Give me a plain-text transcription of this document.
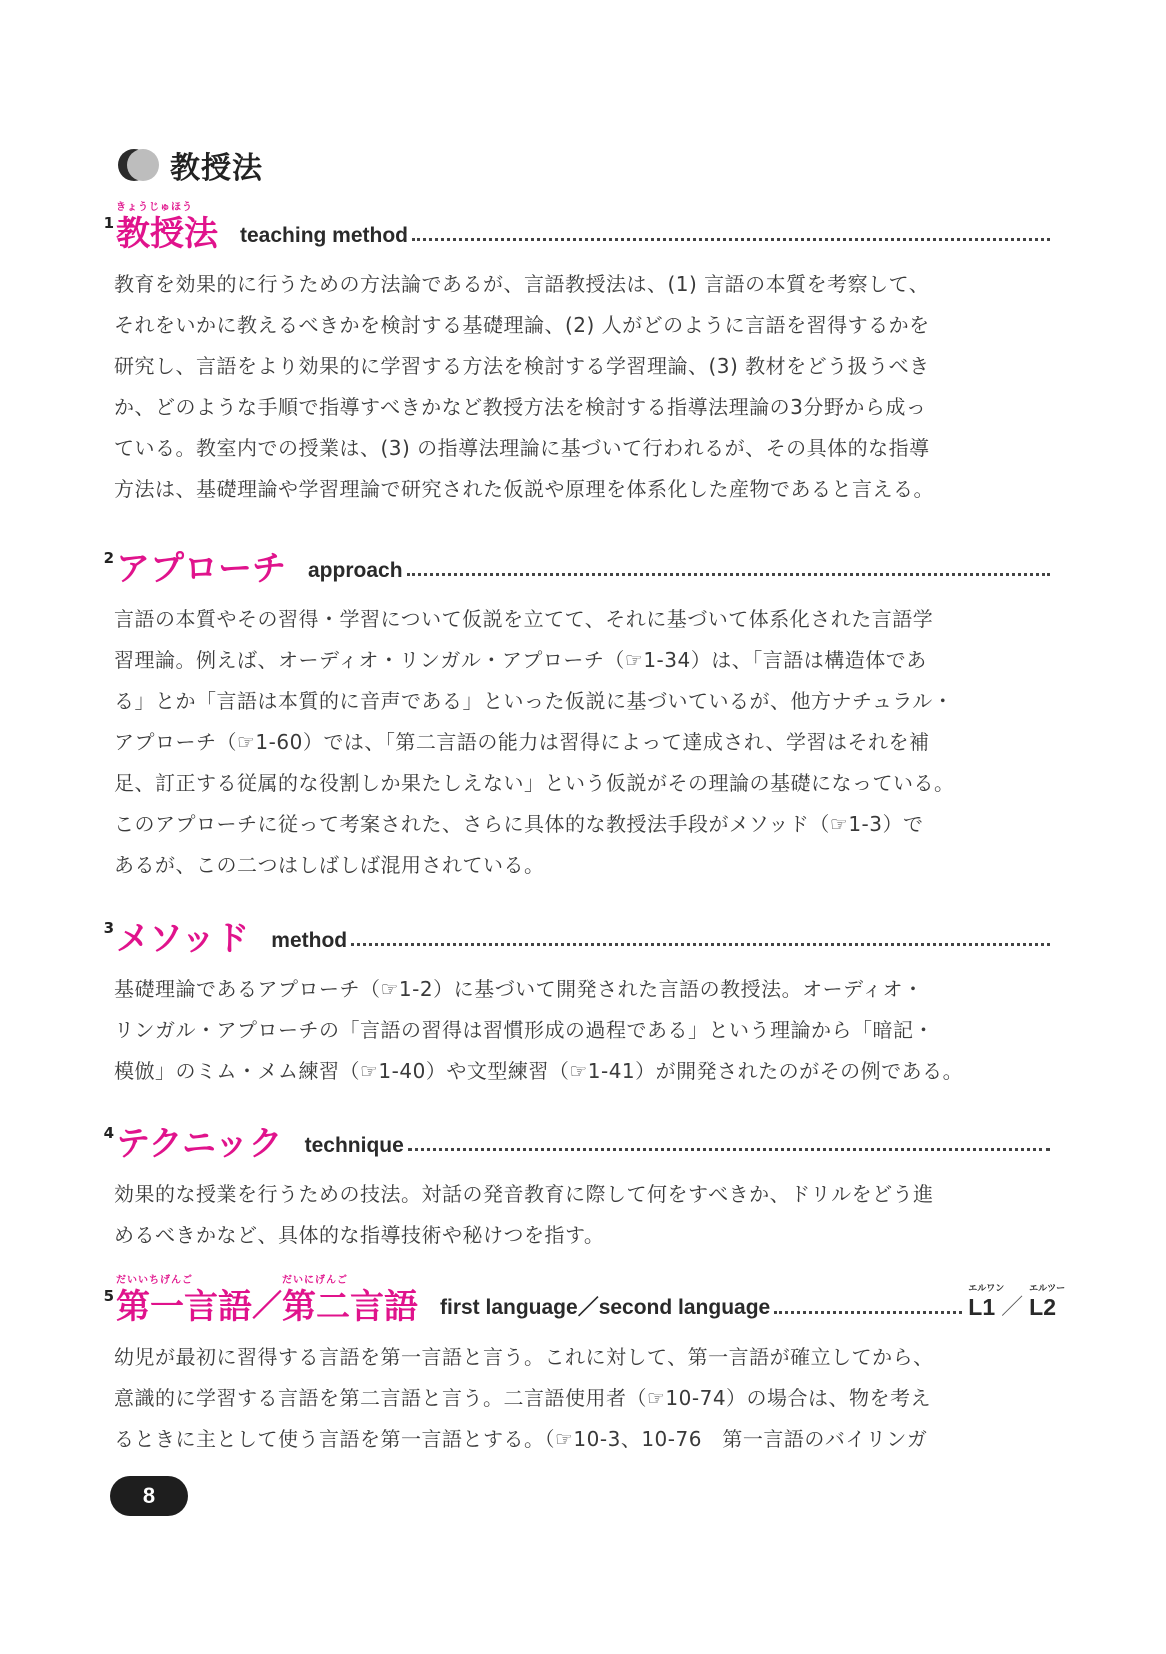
教授法
1
きょうじゅほう
教授法 teaching method

教育を効果的に行うための方法論であるが、言語教授法は、(1) 言語の本質を考察して、

それをいかに教えるべきかを検討する基礎理論、(2) 人がどのように言語を習得するかを

研究し、言語をより効果的に学習する方法を検討する学習理論、(3) 教材をどう扱うべき

か、どのような手順で指導すべきかなど教授方法を検討する指導法理論の3分野から成っ

ている。教室内での授業は、(3) の指導法理論に基づいて行われるが、その具体的な指導

方法は、基礎理論や学習理論で研究された仮説や原理を体系化した産物であると言える。

2 アプローチ approach

言語の本質やその習得・学習について仮説を立てて、それに基づいて体系化された言語学

習理論。例えば、オーディオ・リンガル・アプローチ（☞1-34）は、「言語は構造体であ

る」とか「言語は本質的に音声である」といった仮説に基づいているが、他方ナチュラル・

アプローチ（☞1-60）では、「第二言語の能力は習得によって達成され、学習はそれを補

足、訂正する従属的な役割しか果たしえない」という仮説がその理論の基礎になっている。

このアプローチに従って考案された、さらに具体的な教授法手段がメソッド（☞1-3）で

あるが、この二つはしばしば混用されている。

3 メソッド method

基礎理論であるアプローチ（☞1-2）に基づいて開発された言語の教授法。オーディオ・

リンガル・アプローチの「言語の習得は習慣形成の過程である」という理論から「暗記・

模倣」のミム・メム練習（☞1-40）や文型練習（☞1-41）が開発されたのがその例である。

4 テクニック technique

効果的な授業を行うための技法。対話の発音教育に際して何をすべきか、ドリルをどう進

めるべきかなど、具体的な指導技術や秘けつを指す。

5
だいいちげんご
第一言語 ／
だいにげんご
第二言語 first language／second language
エルワン
L1 ／
エルツー
L2

幼児が最初に習得する言語を第一言語と言う。これに対して、第一言語が確立してから、

意識的に学習する言語を第二言語と言う。二言語使用者（☞10-74）の場合は、物を考え

るときに主として使う言語を第一言語とする。（☞10-3、10-76　第一言語のバイリンガ

8
